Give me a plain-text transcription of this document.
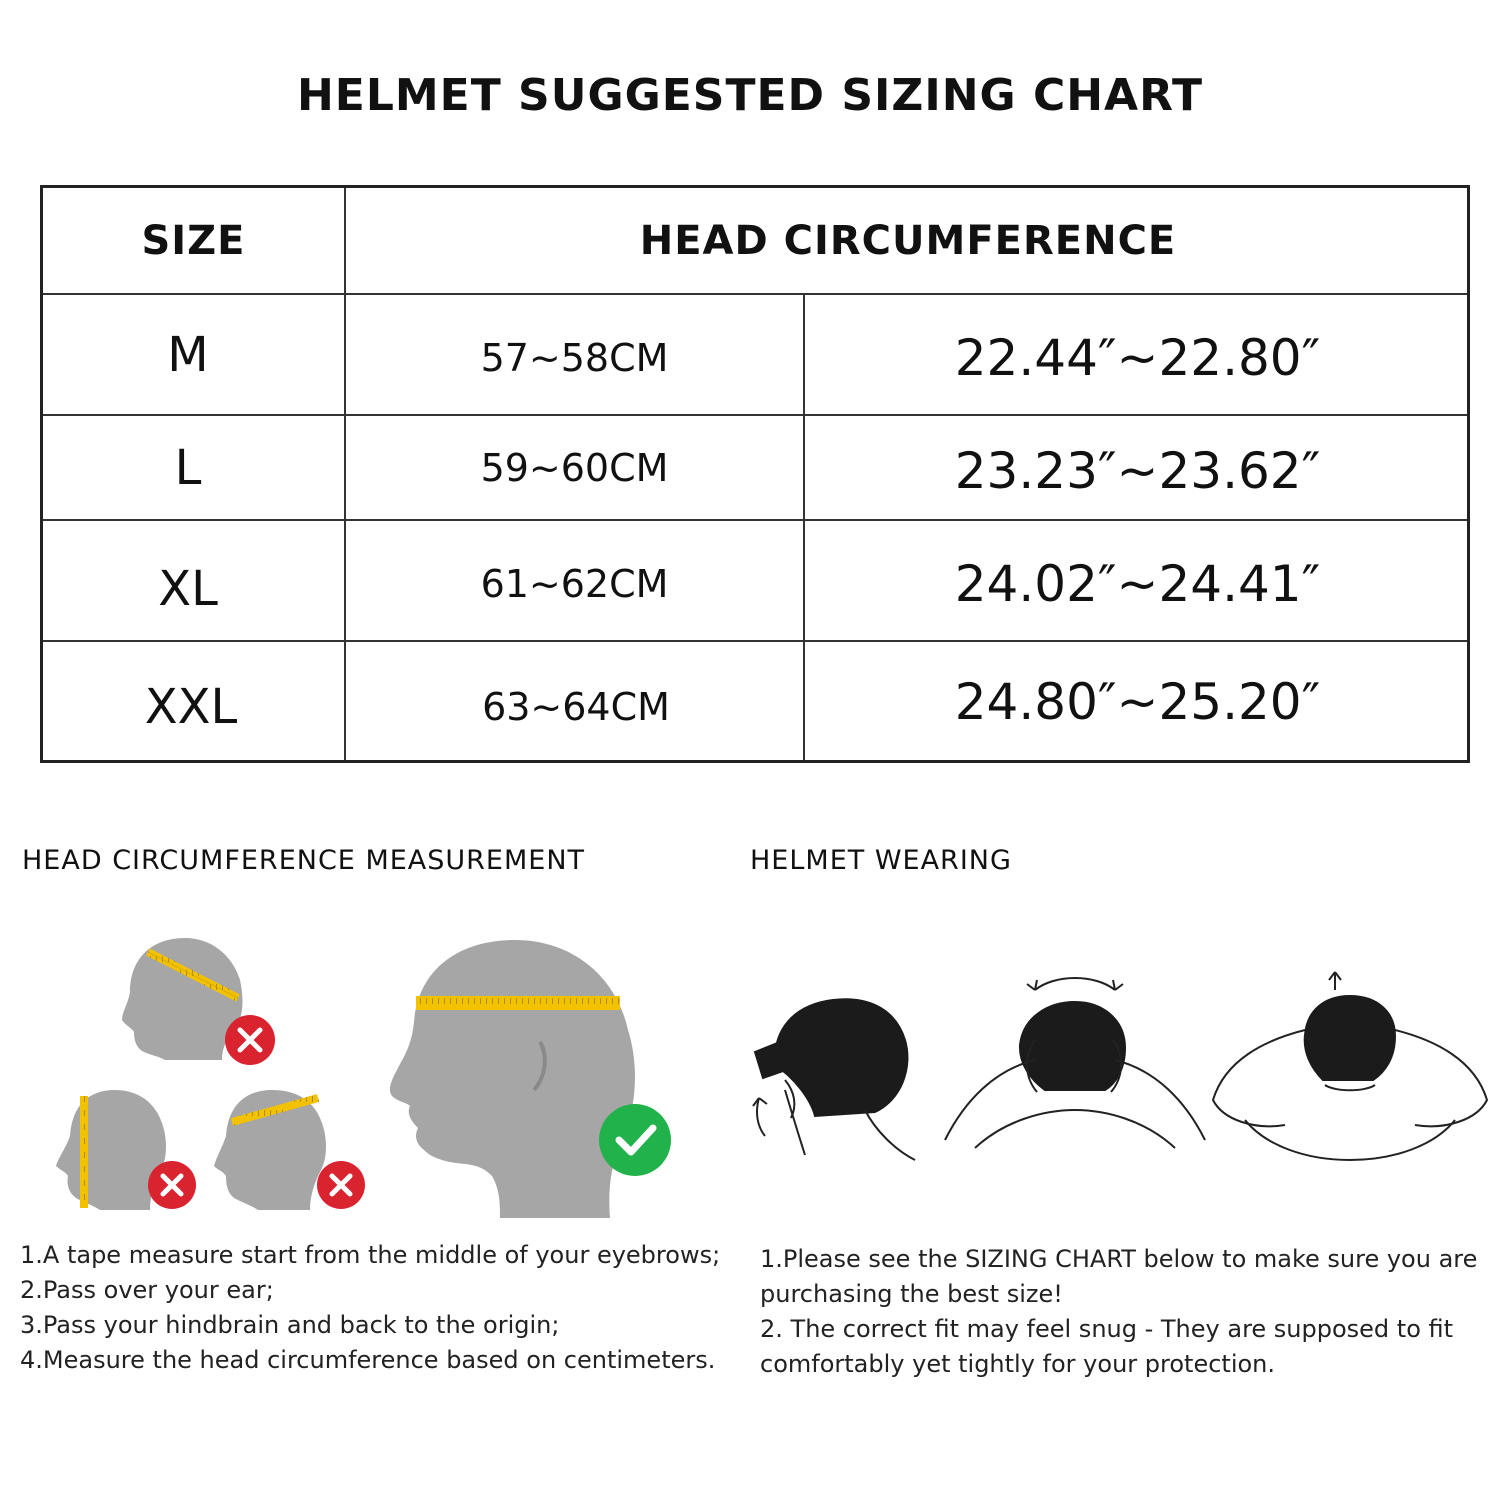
HELMET SUGGESTED SIZING CHART
SIZE	HEAD CIRCUMFERENCE
M	57~58CM	22.44″~22.80″
L	59~60CM	23.23″~23.62″
XL	61~62CM	24.02″~24.41″
XXL	63~64CM	24.80″~25.20″
HEAD CIRCUMFERENCE MEASUREMENT	HELMET WEARING
1.A tape measure start from the middle of your eyebrows;
2.Pass over your ear;
3.Pass your hindbrain and back to the origin;
4.Measure the head circumference based on centimeters.
1.Please see the SIZING CHART below to make sure you are
purchasing the best size!
2. The correct fit may feel snug - They are supposed to fit
comfortably yet tightly for your protection.
